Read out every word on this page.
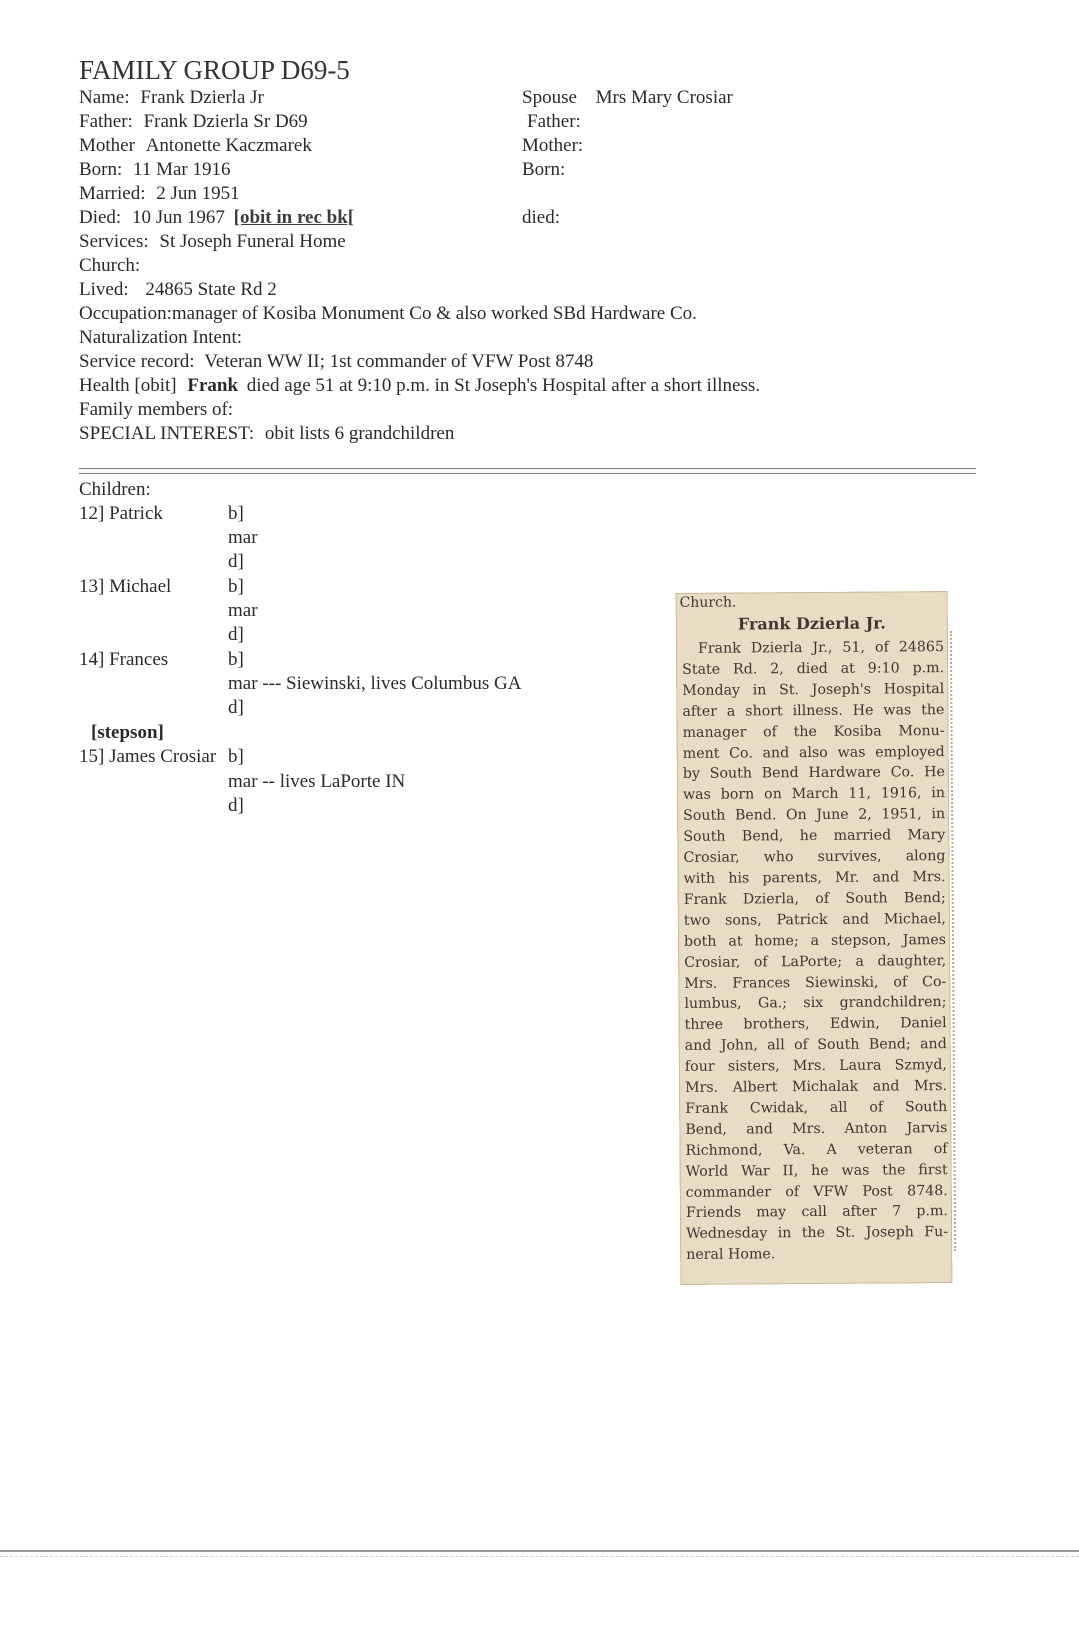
FAMILY GROUP D69-5
Name: Frank Dzierla Jr
Father: Frank Dzierla Sr D69
Mother Antonette Kaczmarek
Born: 11 Mar 1916
Married: 2 Jun 1951
Died: 10 Jun 1967 [obit in rec bk[
Services: St Joseph Funeral Home
Church:
Lived: 24865 State Rd 2
Occupation:manager of Kosiba Monument Co & also worked SBd Hardware Co.
Naturalization Intent:
Service record: Veteran WW II; 1st commander of VFW Post 8748
Health [obit] Frank died age 51 at 9:10 p.m. in St Joseph's Hospital after a short illness.
Family members of:
SPECIAL INTEREST: obit lists 6 grandchildren
Spouse Mrs Mary Crosiar
Father:
Mother:
Born:
died:
Children:
12] Patrick	b]
mar
d]
13] Michael	b]
mar
d]
14] Frances	b]
mar --- Siewinski, lives Columbus GA
d]
[stepson]
15] James Crosiar b]
mar -- lives LaPorte IN
d]
Church.
Frank Dzierla Jr.
Frank Dzierla Jr., 51, of 24865
State Rd. 2, died at 9:10 p.m.
Monday in St. Joseph's Hospital
after a short illness. He was the
manager of the Kosiba Monu-
ment Co. and also was employed
by South Bend Hardware Co. He
was born on March 11, 1916, in
South Bend. On June 2, 1951, in
South Bend, he married Mary
Crosiar, who survives, along
with his parents, Mr. and Mrs.
Frank Dzierla, of South Bend;
two sons, Patrick and Michael,
both at home; a stepson, James
Crosiar, of LaPorte; a daughter,
Mrs. Frances Siewinski, of Co-
lumbus, Ga.; six grandchildren;
three brothers, Edwin, Daniel
and John, all of South Bend; and
four sisters, Mrs. Laura Szmyd,
Mrs. Albert Michalak and Mrs.
Frank Cwidak, all of South
Bend, and Mrs. Anton Jarvis
Richmond, Va. A veteran of
World War II, he was the first
commander of VFW Post 8748.
Friends may call after 7 p.m.
Wednesday in the St. Joseph Fu-
neral Home.
